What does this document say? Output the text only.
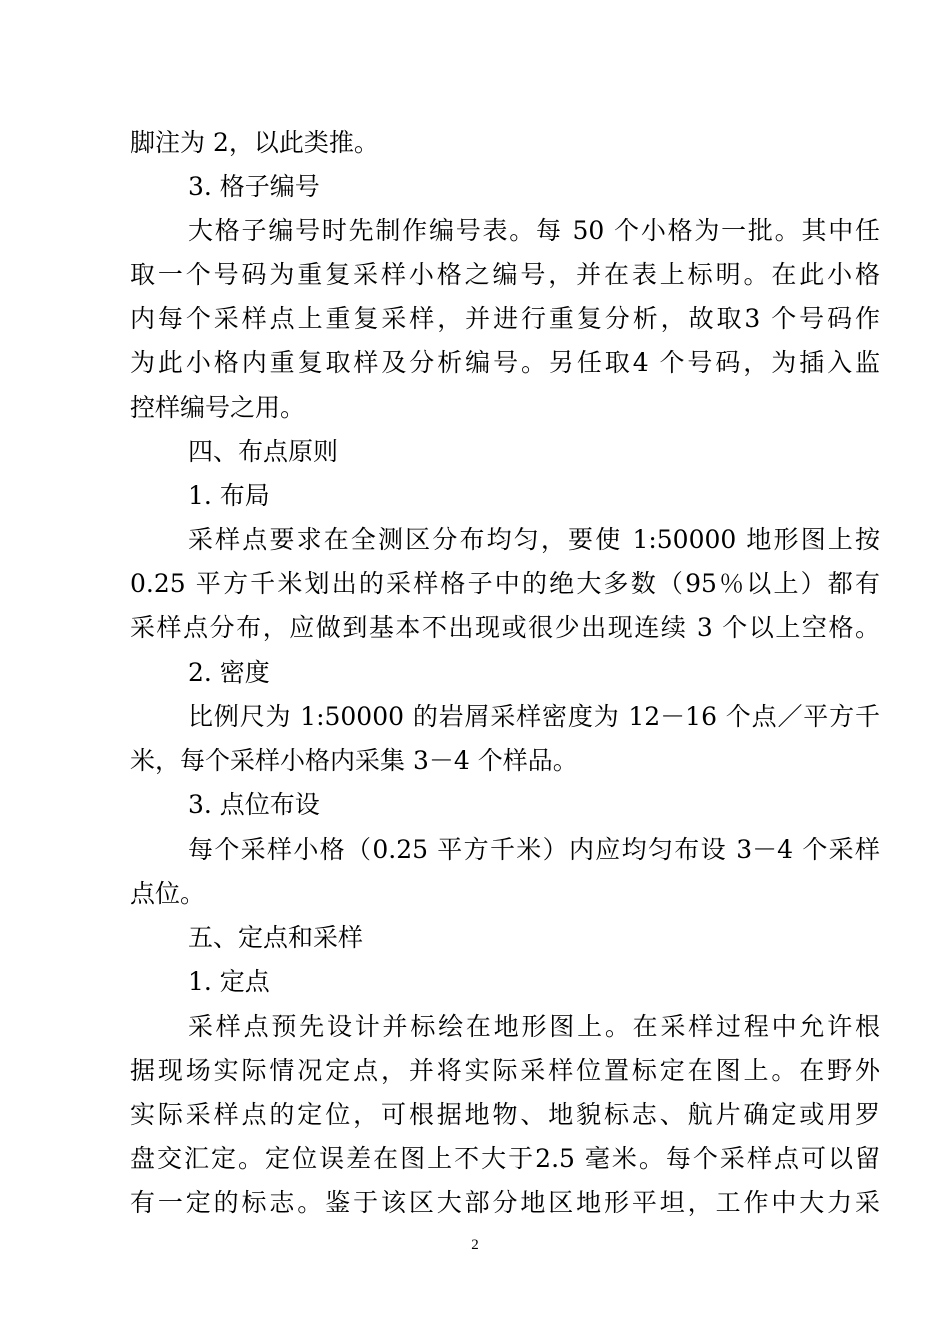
脚注为 2，以此类推。
3. 格子编号
大格子编号时先制作编号表。每 50 个小格为一批。其中任
取一个号码为重复采样小格之编号，并在表上标明。在此小格
内每个采样点上重复采样，并进行重复分析，故取3 个号码作
为此小格内重复取样及分析编号。另任取4 个号码，为插入监
控样编号之用。
四、布点原则
1. 布局
采样点要求在全测区分布均匀，要使 1:50000 地形图上按
0.25 平方千米划出的采样格子中的绝大多数（95％以上）都有
采样点分布，应做到基本不出现或很少出现连续 3 个以上空格。
2. 密度
比例尺为 1:50000 的岩屑采样密度为 12－16 个点／平方千
米，每个采样小格内采集 3－4 个样品。
3. 点位布设
每个采样小格（0.25 平方千米）内应均匀布设 3－4 个采样
点位。
五、定点和采样
1. 定点
采样点预先设计并标绘在地形图上。在采样过程中允许根
据现场实际情况定点，并将实际采样位置标定在图上。在野外
实际采样点的定位，可根据地物、地貌标志、航片确定或用罗
盘交汇定。定位误差在图上不大于2.5 毫米。每个采样点可以留
有一定的标志。鉴于该区大部分地区地形平坦，工作中大力采
2
